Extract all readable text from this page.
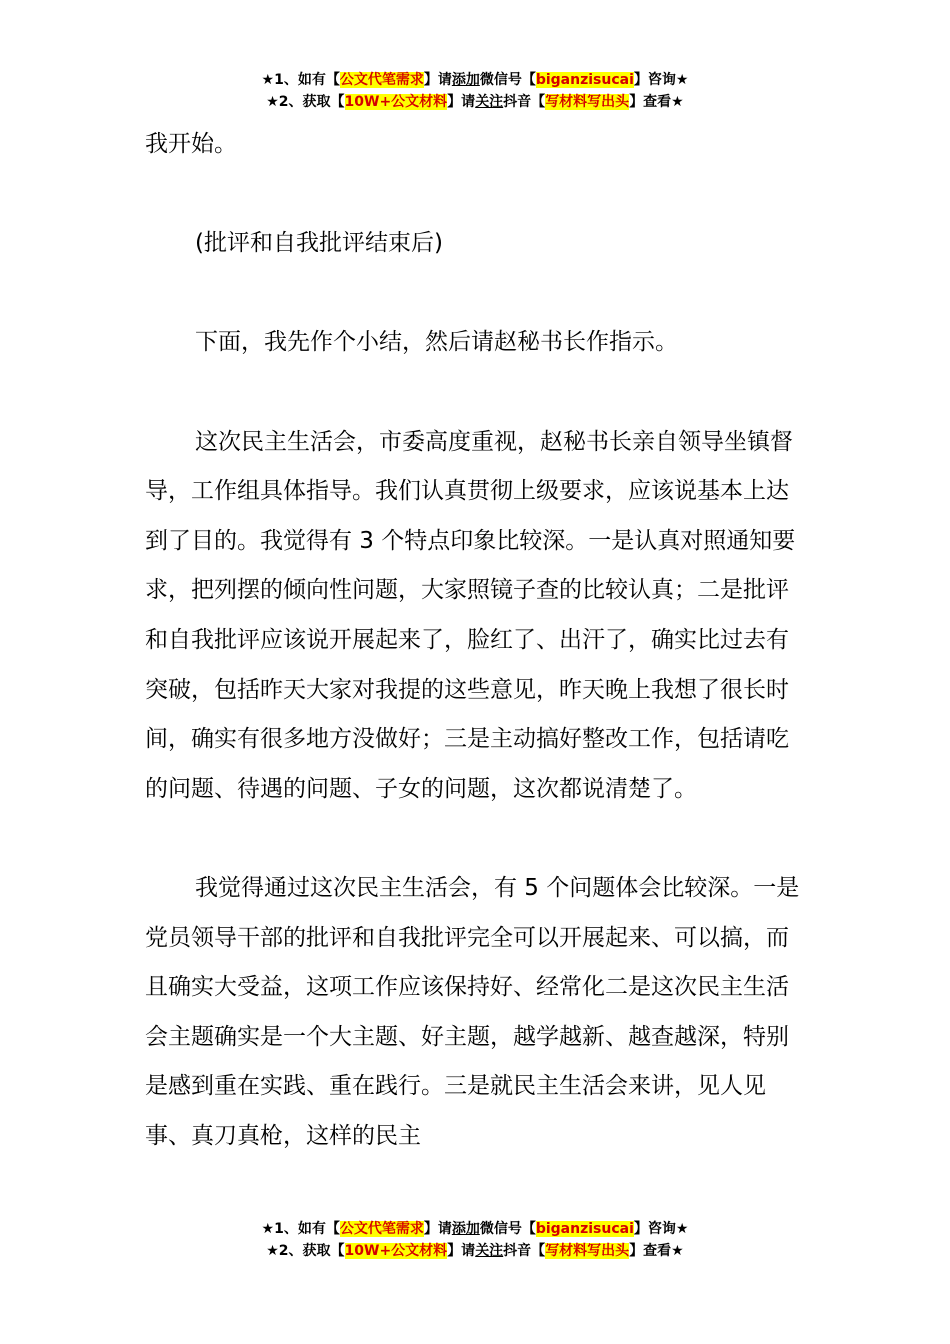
★1、如有【公文代笔需求】请添加微信号【biganzisucai】咨询★
★2、获取【10W+公文材料】请关注抖音【写材料写出头】查看★

我开始。

(批评和自我批评结束后)

下面，我先作个小结，然后请赵秘书长作指示。

这次民主生活会，市委高度重视，赵秘书长亲自领导坐镇督导，工作组具体指导。我们认真贯彻上级要求，应该说基本上达到了目的。我觉得有 3 个特点印象比较深。一是认真对照通知要求，把列摆的倾向性问题，大家照镜子查的比较认真；二是批评和自我批评应该说开展起来了，脸红了、出汗了，确实比过去有突破，包括昨天大家对我提的这些意见，昨天晚上我想了很长时间，确实有很多地方没做好；三是主动搞好整改工作，包括请吃的问题、待遇的问题、子女的问题，这次都说清楚了。

我觉得通过这次民主生活会，有 5 个问题体会比较深。一是党员领导干部的批评和自我批评完全可以开展起来、可以搞，而且确实大受益，这项工作应该保持好、经常化二是这次民主生活会主题确实是一个大主题、好主题，越学越新、越查越深，特别是感到重在实践、重在践行。三是就民主生活会来讲，见人见事、真刀真枪，这样的民主

★1、如有【公文代笔需求】请添加微信号【biganzisucai】咨询★
★2、获取【10W+公文材料】请关注抖音【写材料写出头】查看★
